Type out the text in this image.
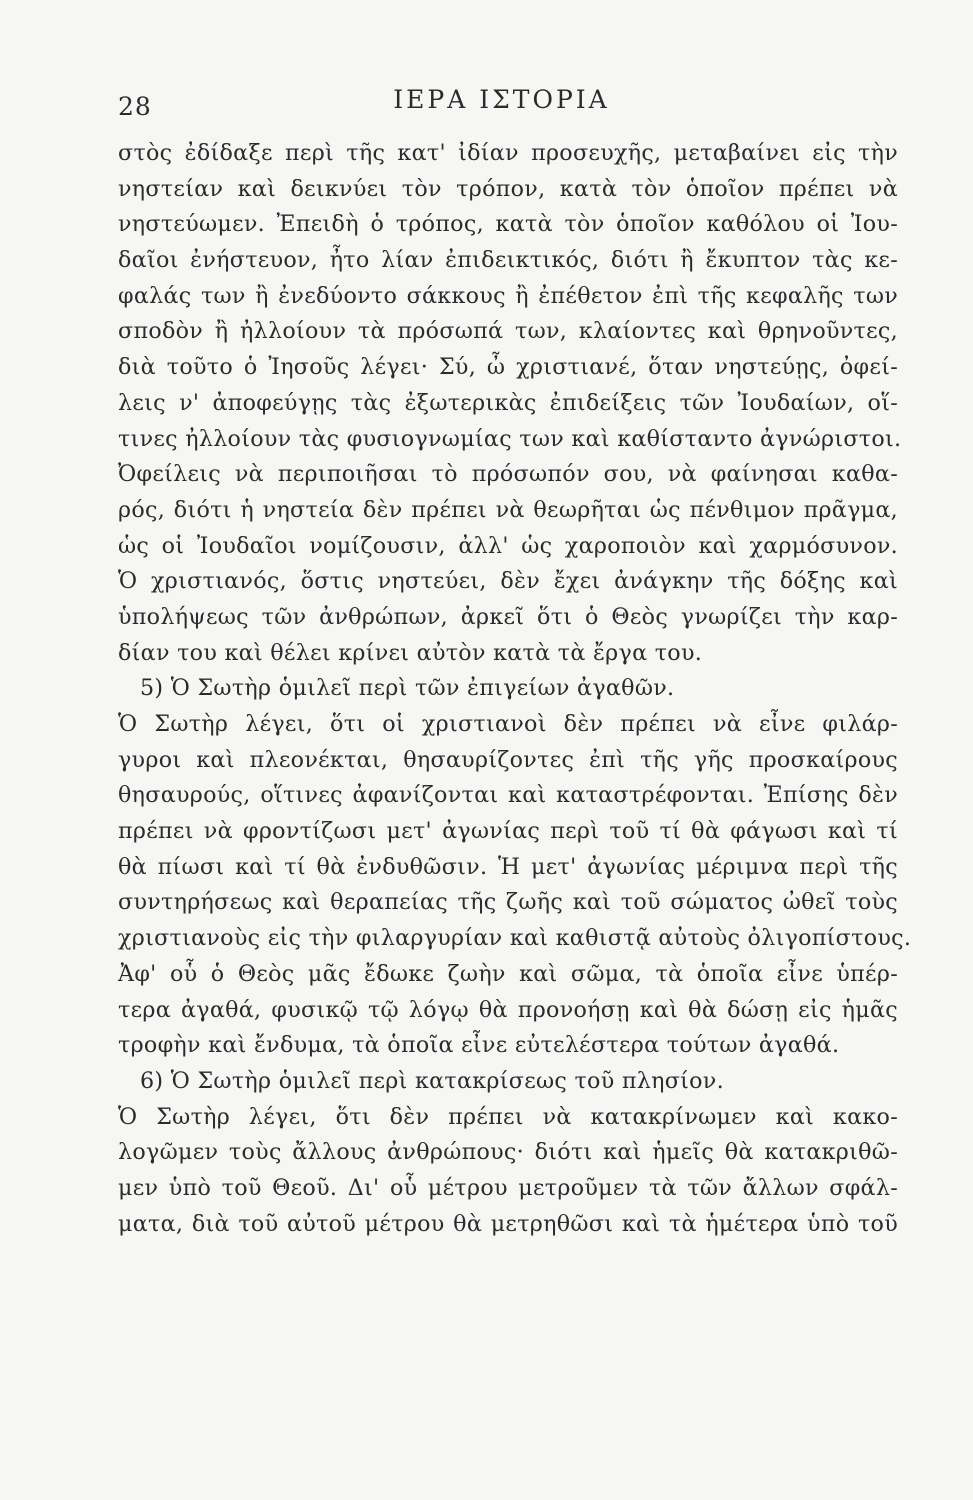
28	ΙΕΡΑ ΙΣΤΟΡΙΑ
στὸς ἐδίδαξε περὶ τῆς κατ' ἰδίαν προσευχῆς, μεταβαίνει εἰς τὴν
νηστείαν καὶ δεικνύει τὸν τρόπον, κατὰ τὸν ὁποῖον πρέπει νὰ
νηστεύωμεν. Ἐπειδὴ ὁ τρόπος, κατὰ τὸν ὁποῖον καθόλου οἱ Ἰου-
δαῖοι ἐνήστευον, ἦτο λίαν ἐπιδεικτικός, διότι ἢ ἔκυπτον τὰς κε-
φαλάς των ἢ ἐνεδύοντο σάκκους ἢ ἐπέθετον ἐπὶ τῆς κεφαλῆς των
σποδὸν ἢ ἠλλοίουν τὰ πρόσωπά των, κλαίοντες καὶ θρηνοῦντες,
διὰ τοῦτο ὁ Ἰησοῦς λέγει· Σύ, ὦ χριστιανέ, ὅταν νηστεύῃς, ὀφεί-
λεις ν' ἀποφεύγῃς τὰς ἐξωτερικὰς ἐπιδείξεις τῶν Ἰουδαίων, οἵ-
τινες ἠλλοίουν τὰς φυσιογνωμίας των καὶ καθίσταντο ἀγνώριστοι.
Ὀφείλεις νὰ περιποιῆσαι τὸ πρόσωπόν σου, νὰ φαίνησαι καθα-
ρός, διότι ἡ νηστεία δὲν πρέπει νὰ θεωρῆται ὡς πένθιμον πρᾶγμα,
ὡς οἱ Ἰουδαῖοι νομίζουσιν, ἀλλ' ὡς χαροποιὸν καὶ χαρμόσυνον.
Ὁ χριστιανός, ὅστις νηστεύει, δὲν ἔχει ἀνάγκην τῆς δόξης καὶ
ὑπολήψεως τῶν ἀνθρώπων, ἀρκεῖ ὅτι ὁ Θεὸς γνωρίζει τὴν καρ-
δίαν του καὶ θέλει κρίνει αὐτὸν κατὰ τὰ ἔργα του.
5) Ὁ Σωτὴρ ὁμιλεῖ περὶ τῶν ἐπιγείων ἀγαθῶν.
Ὁ Σωτὴρ λέγει, ὅτι οἱ χριστιανοὶ δὲν πρέπει νὰ εἶνε φιλάρ-
γυροι καὶ πλεονέκται, θησαυρίζοντες ἐπὶ τῆς γῆς προσκαίρους
θησαυρούς, οἵτινες ἀφανίζονται καὶ καταστρέφονται. Ἐπίσης δὲν
πρέπει νὰ φροντίζωσι μετ' ἀγωνίας περὶ τοῦ τί θὰ φάγωσι καὶ τί
θὰ πίωσι καὶ τί θὰ ἐνδυθῶσιν. Ἡ μετ' ἀγωνίας μέριμνα περὶ τῆς
συντηρήσεως καὶ θεραπείας τῆς ζωῆς καὶ τοῦ σώματος ὠθεῖ τοὺς
χριστιανοὺς εἰς τὴν φιλαργυρίαν καὶ καθιστᾷ αὐτοὺς ὀλιγοπίστους.
Ἀφ' οὗ ὁ Θεὸς μᾶς ἔδωκε ζωὴν καὶ σῶμα, τὰ ὁποῖα εἶνε ὑπέρ-
τερα ἀγαθά, φυσικῷ τῷ λόγῳ θὰ προνοήσῃ καὶ θὰ δώσῃ εἰς ἡμᾶς
τροφὴν καὶ ἔνδυμα, τὰ ὁποῖα εἶνε εὐτελέστερα τούτων ἀγαθά.
6) Ὁ Σωτὴρ ὁμιλεῖ περὶ κατακρίσεως τοῦ πλησίον.
Ὁ Σωτὴρ λέγει, ὅτι δὲν πρέπει νὰ κατακρίνωμεν καὶ κακο-
λογῶμεν τοὺς ἄλλους ἀνθρώπους· διότι καὶ ἡμεῖς θὰ κατακριθῶ-
μεν ὑπὸ τοῦ Θεοῦ. Δι' οὗ μέτρου μετροῦμεν τὰ τῶν ἄλλων σφάλ-
ματα, διὰ τοῦ αὐτοῦ μέτρου θὰ μετρηθῶσι καὶ τὰ ἡμέτερα ὑπὸ τοῦ
